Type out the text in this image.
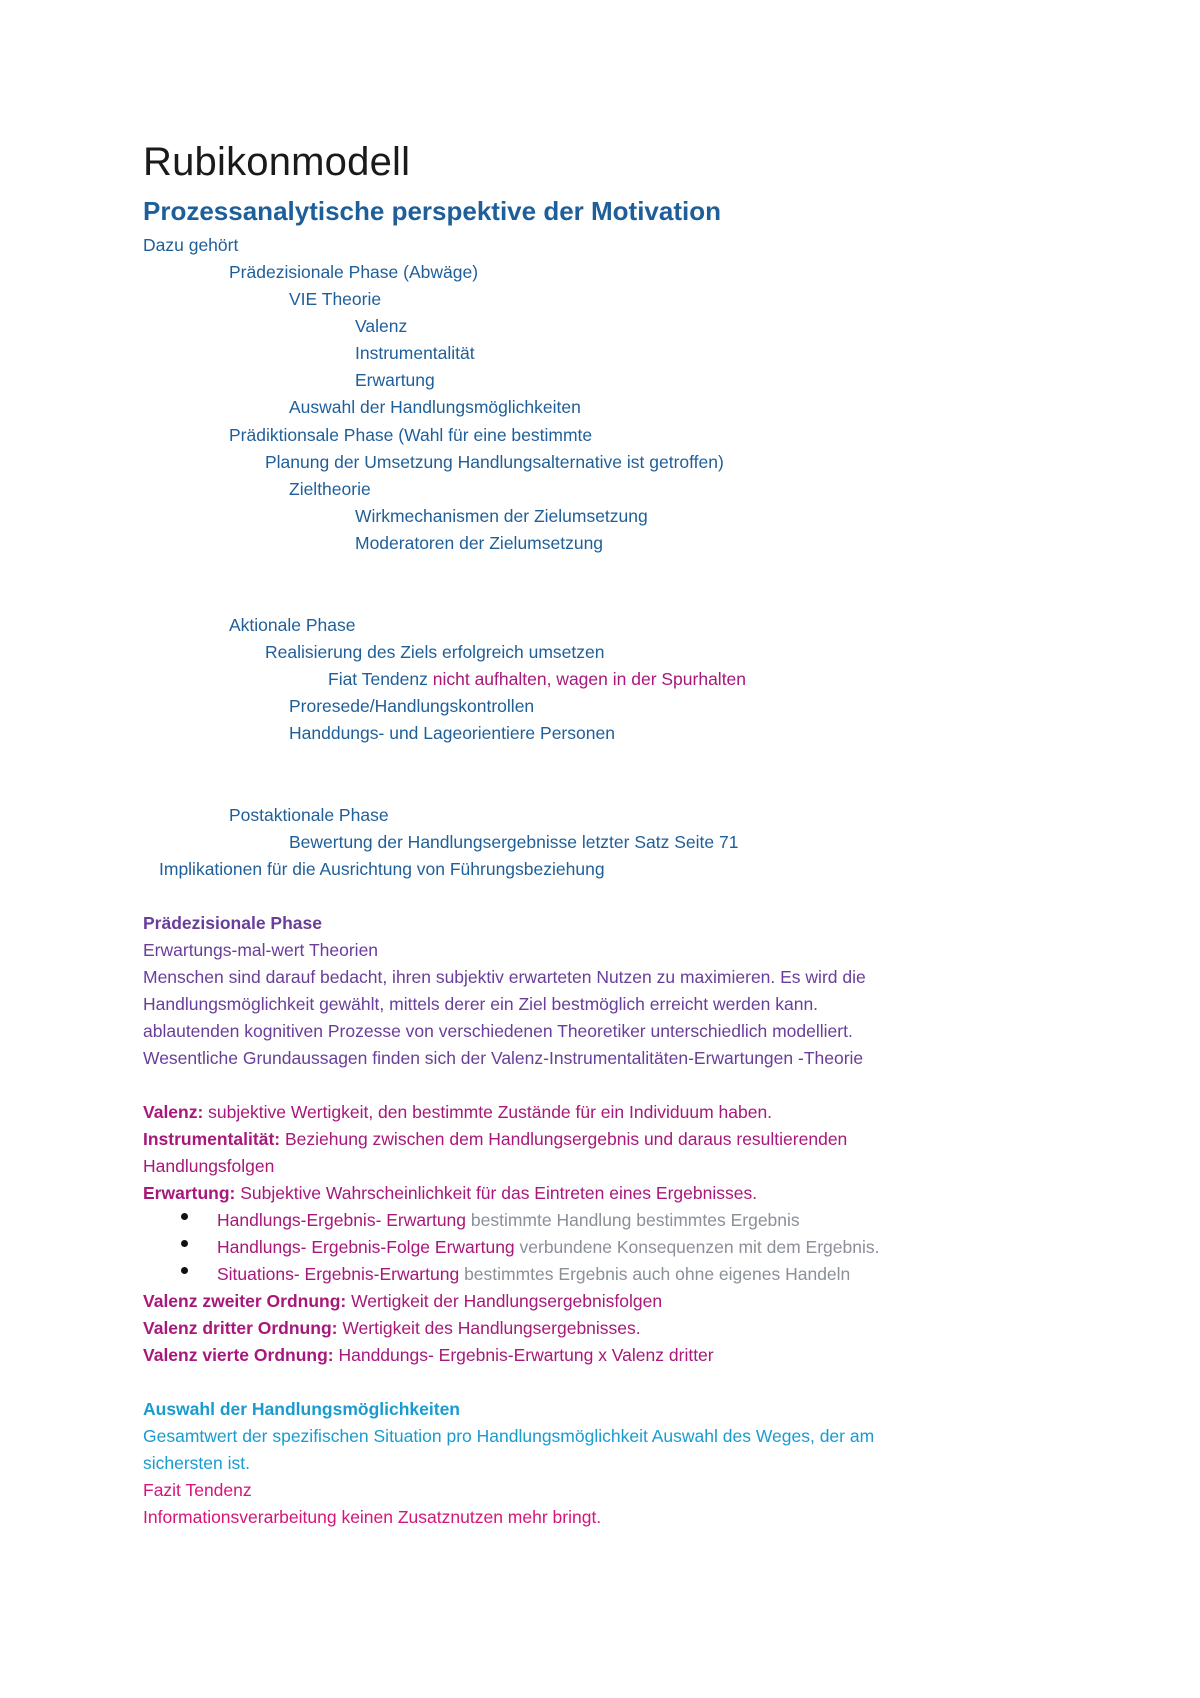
Rubikonmodell
Prozessanalytische perspektive der Motivation
Dazu gehört
Prädezisionale Phase (Abwäge)
VIE Theorie
Valenz
Instrumentalität
Erwartung
Auswahl der Handlungsmöglichkeiten
Prädiktionsale Phase (Wahl für eine bestimmte
Planung der Umsetzung Handlungsalternative ist getroffen)
Zieltheorie
Wirkmechanismen der Zielumsetzung
Moderatoren der Zielumsetzung
Aktionale Phase
Realisierung des Ziels erfolgreich umsetzen
Fiat Tendenz nicht aufhalten, wagen in der Spurhalten
Proresede/Handlungskontrollen
Handdungs- und Lageorientiere Personen
Postaktionale Phase
Bewertung der Handlungsergebnisse letzter Satz Seite 71
Implikationen für die Ausrichtung von Führungsbeziehung
Prädezisionale Phase
Erwartungs-mal-wert Theorien
Menschen sind darauf bedacht, ihren subjektiv erwarteten Nutzen zu maximieren. Es wird die
Handlungsmöglichkeit gewählt, mittels derer ein Ziel bestmöglich erreicht werden kann.
ablautenden kognitiven Prozesse von verschiedenen Theoretiker unterschiedlich modelliert.
Wesentliche Grundaussagen finden sich der Valenz-Instrumentalitäten-Erwartungen -Theorie
Valenz: subjektive Wertigkeit, den bestimmte Zustände für ein Individuum haben.
Instrumentalität: Beziehung zwischen dem Handlungsergebnis und daraus resultierenden
Handlungsfolgen
Erwartung: Subjektive Wahrscheinlichkeit für das Eintreten eines Ergebnisses.
Handlungs-Ergebnis- Erwartung bestimmte Handlung bestimmtes Ergebnis
Handlungs- Ergebnis-Folge Erwartung verbundene Konsequenzen mit dem Ergebnis.
Situations- Ergebnis-Erwartung bestimmtes Ergebnis auch ohne eigenes Handeln
Valenz zweiter Ordnung: Wertigkeit der Handlungsergebnisfolgen
Valenz dritter Ordnung: Wertigkeit des Handlungsergebnisses.
Valenz vierte Ordnung: Handdungs- Ergebnis-Erwartung x Valenz dritter
Auswahl der Handlungsmöglichkeiten
Gesamtwert der spezifischen Situation pro Handlungsmöglichkeit Auswahl des Weges, der am
sichersten ist.
Fazit Tendenz
Informationsverarbeitung keinen Zusatznutzen mehr bringt.
